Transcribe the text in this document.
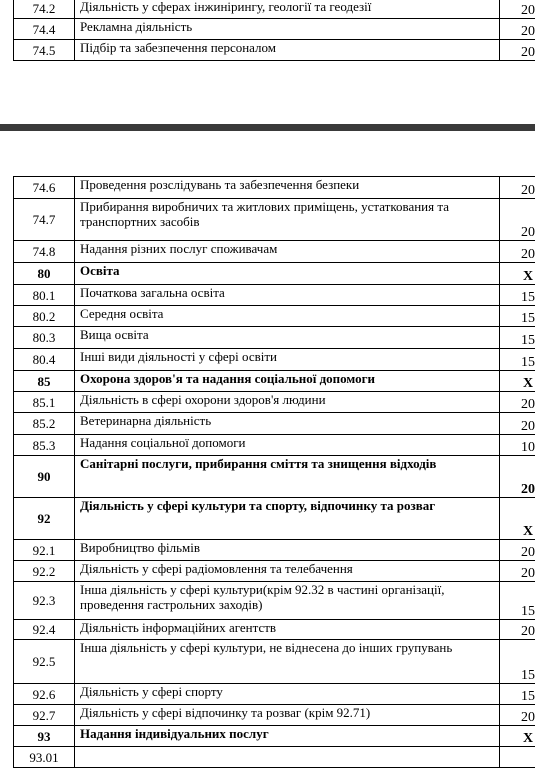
74.2	Діяльність у сферах інжинірингу, геології та геодезії	20
74.4	Рекламна діяльність	20
74.5	Підбір та забезпечення персоналом	20
74.6	Проведення розслідувань та забезпечення безпеки	20
74.7	Прибирання виробничих та житлових приміщень, устаткования та транспортних засобів	20
74.8	Надання різних послуг споживачам	20
80	Освіта	X
80.1	Початкова загальна освіта	15
80.2	Середня освіта	15
80.3	Вища освіта	15
80.4	Інші види діяльності у сфері освіти	15
85	Охорона здоров'я та надання соціальної допомоги	X
85.1	Діяльність в сфері охорони здоров'я людини	20
85.2	Ветеринарна діяльність	20
85.3	Надання соціальної допомоги	10
90	Санітарні послуги, прибирання сміття та знищення відходів	20
92	Діяльність у сфері культури та спорту, відпочинку та розваг	X
92.1	Виробництво фільмів	20
92.2	Діяльність у сфері радіомовлення та телебачення	20
92.3	Інша діяльність у сфері культури(крім 92.32 в частині організації, проведення гастрольних заходів)	15
92.4	Діяльність інформаційних агентств	20
92.5	Інша діяльність у сфері культури, не віднесена до інших групувань	15
92.6	Діяльність у сфері спорту	15
92.7	Діяльність у сфері відпочинку та розваг (крім 92.71)	20
93	Надання індивідуальних послуг	X
93.01		
